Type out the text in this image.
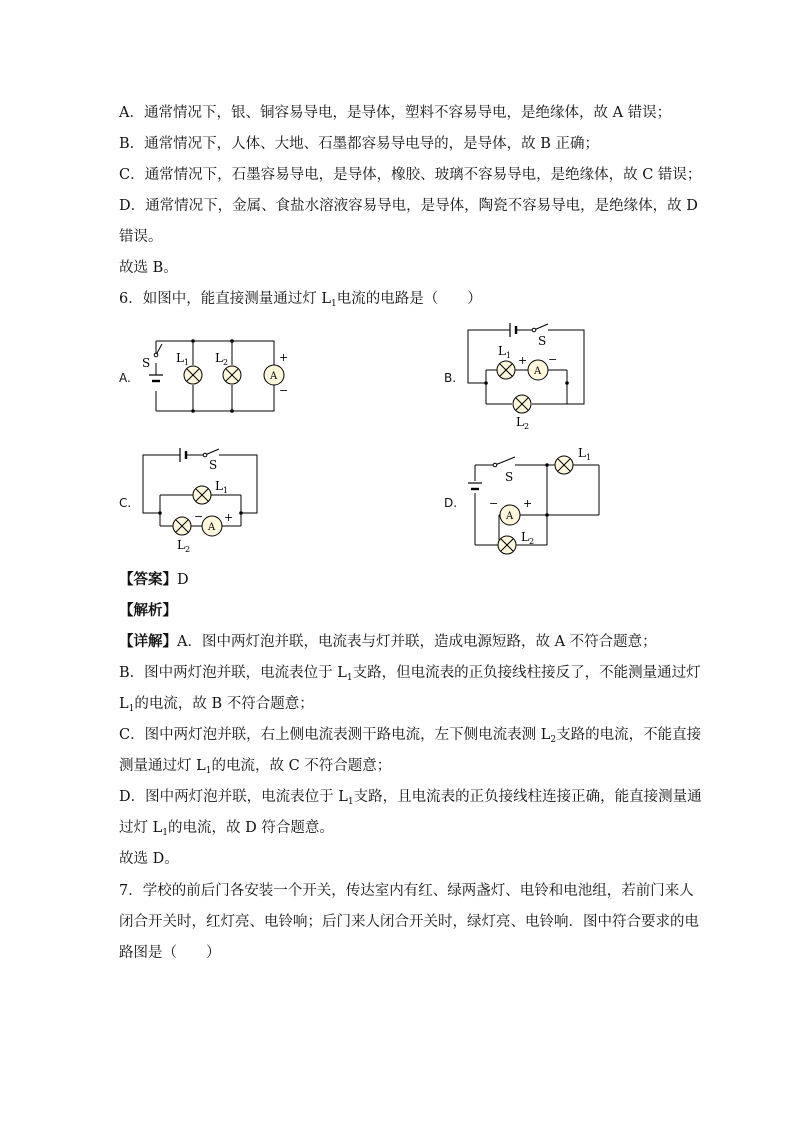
A．通常情况下，银、铜容易导电，是导体，塑料不容易导电，是绝缘体，故 A 错误；
B．通常情况下，人体、大地、石墨都容易导电导的，是导体，故 B 正确；
C．通常情况下，石墨容易导电，是导体，橡胶、玻璃不容易导电，是绝缘体，故 C 错误；
D．通常情况下，金属、食盐水溶液容易导电，是导体，陶瓷不容易导电，是绝缘体，故 D
错误。
故选 B。
6．如图中，能直接测量通过灯 $L_1$电流的电路是（　　）
A.	B.
C.	D.
S $L_1$ $L_2$
A
+
−
S
$L_1$
A
+ −
$L_2$
S
$L_1$
A
− +
$L_2$
S
$L_1$
A
− +
$L_2$
【答案】D
【解析】
【详解】A．图中两灯泡并联，电流表与灯并联，造成电源短路，故 A 不符合题意；
B．图中两灯泡并联，电流表位于 $L_1$支路，但电流表的正负接线柱接反了，不能测量通过灯
$L_1$的电流，故 B 不符合题意；
C．图中两灯泡并联，右上侧电流表测干路电流，左下侧电流表测 $L_2$支路的电流，不能直接
测量通过灯 $L_1$的电流，故 C 不符合题意；
D．图中两灯泡并联，电流表位于 $L_1$支路，且电流表的正负接线柱连接正确，能直接测量通
过灯 $L_1$的电流，故 D 符合题意。
故选 D。
7．学校的前后门各安装一个开关，传达室内有红、绿两盏灯、电铃和电池组，若前门来人
闭合开关时，红灯亮、电铃响；后门来人闭合开关时，绿灯亮、电铃响．图中符合要求的电
路图是（　　）
